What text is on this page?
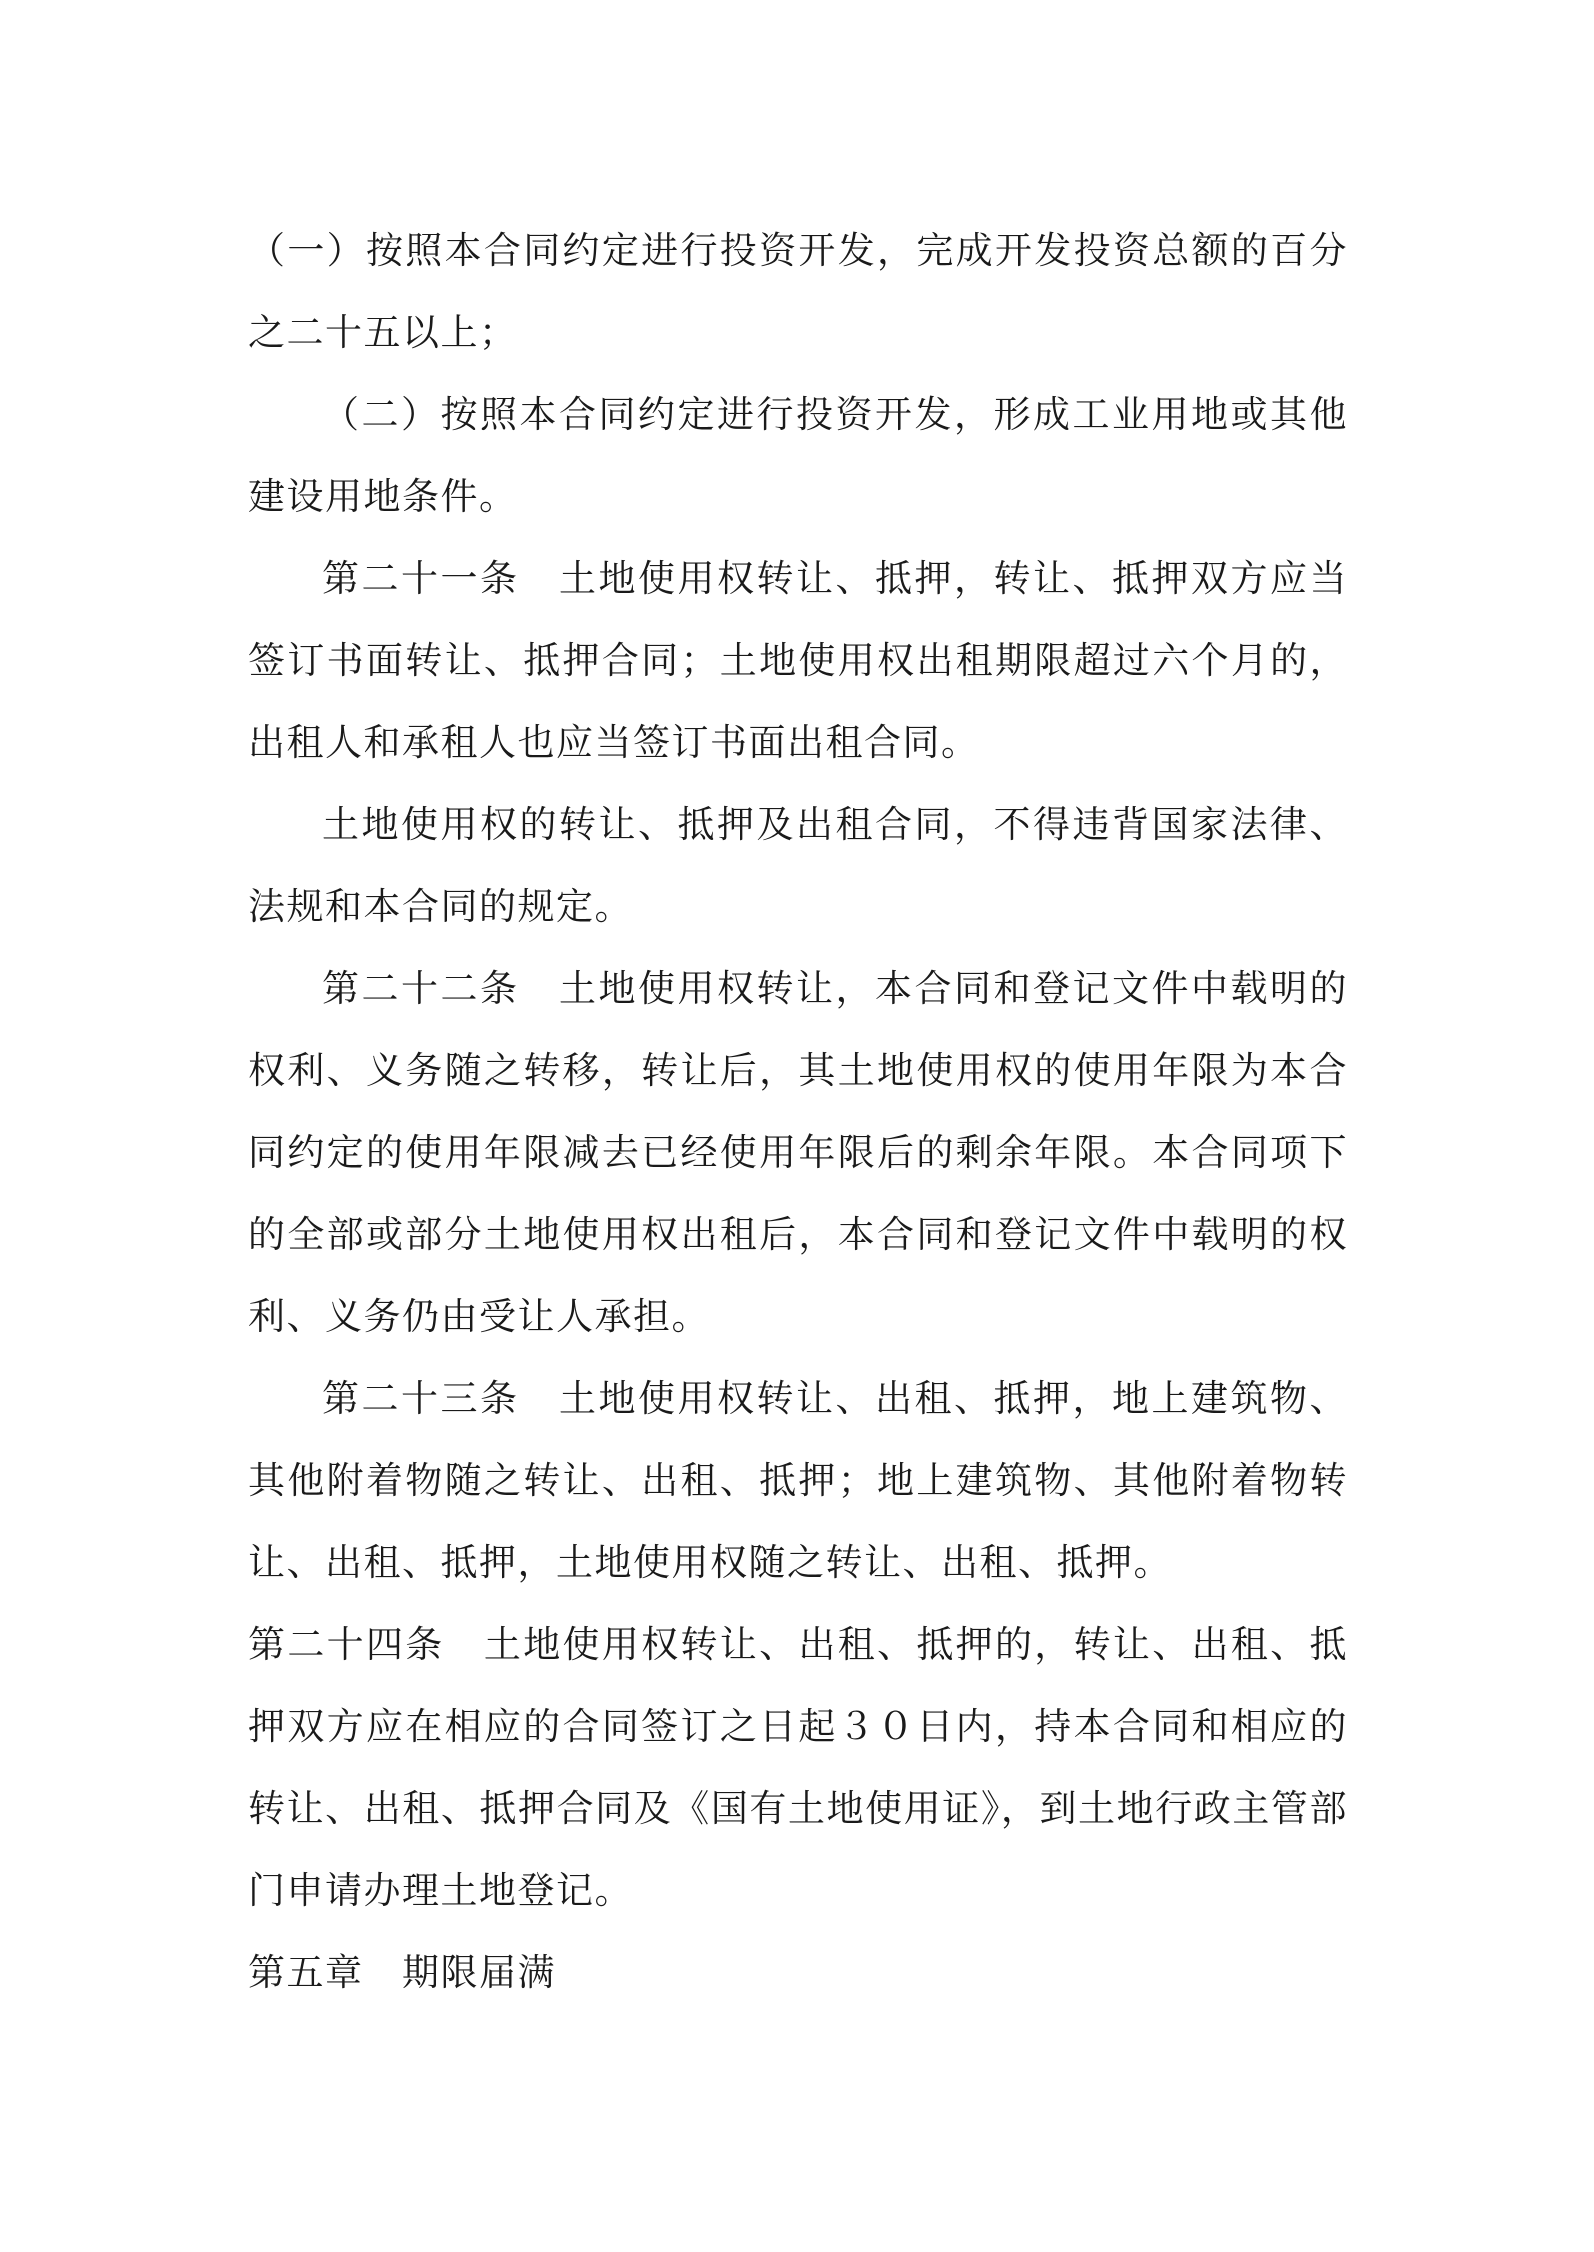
（一）按照本合同约定进行投资开发，完成开发投资总额的百分之二十五以上；

（二）按照本合同约定进行投资开发，形成工业用地或其他建设用地条件。

第二十一条　土地使用权转让、抵押，转让、抵押双方应当签订书面转让、抵押合同；土地使用权出租期限超过六个月的，出租人和承租人也应当签订书面出租合同。

土地使用权的转让、抵押及出租合同，不得违背国家法律、法规和本合同的规定。

第二十二条　土地使用权转让，本合同和登记文件中载明的权利、义务随之转移，转让后，其土地使用权的使用年限为本合同约定的使用年限减去已经使用年限后的剩余年限。本合同项下的全部或部分土地使用权出租后，本合同和登记文件中载明的权利、义务仍由受让人承担。

第二十三条　土地使用权转让、出租、抵押，地上建筑物、其他附着物随之转让、出租、抵押；地上建筑物、其他附着物转让、出租、抵押，土地使用权随之转让、出租、抵押。

第二十四条　土地使用权转让、出租、抵押的，转让、出租、抵押双方应在相应的合同签订之日起３０日内，持本合同和相应的转让、出租、抵押合同及《国有土地使用证》，到土地行政主管部门申请办理土地登记。

第五章　期限届满
